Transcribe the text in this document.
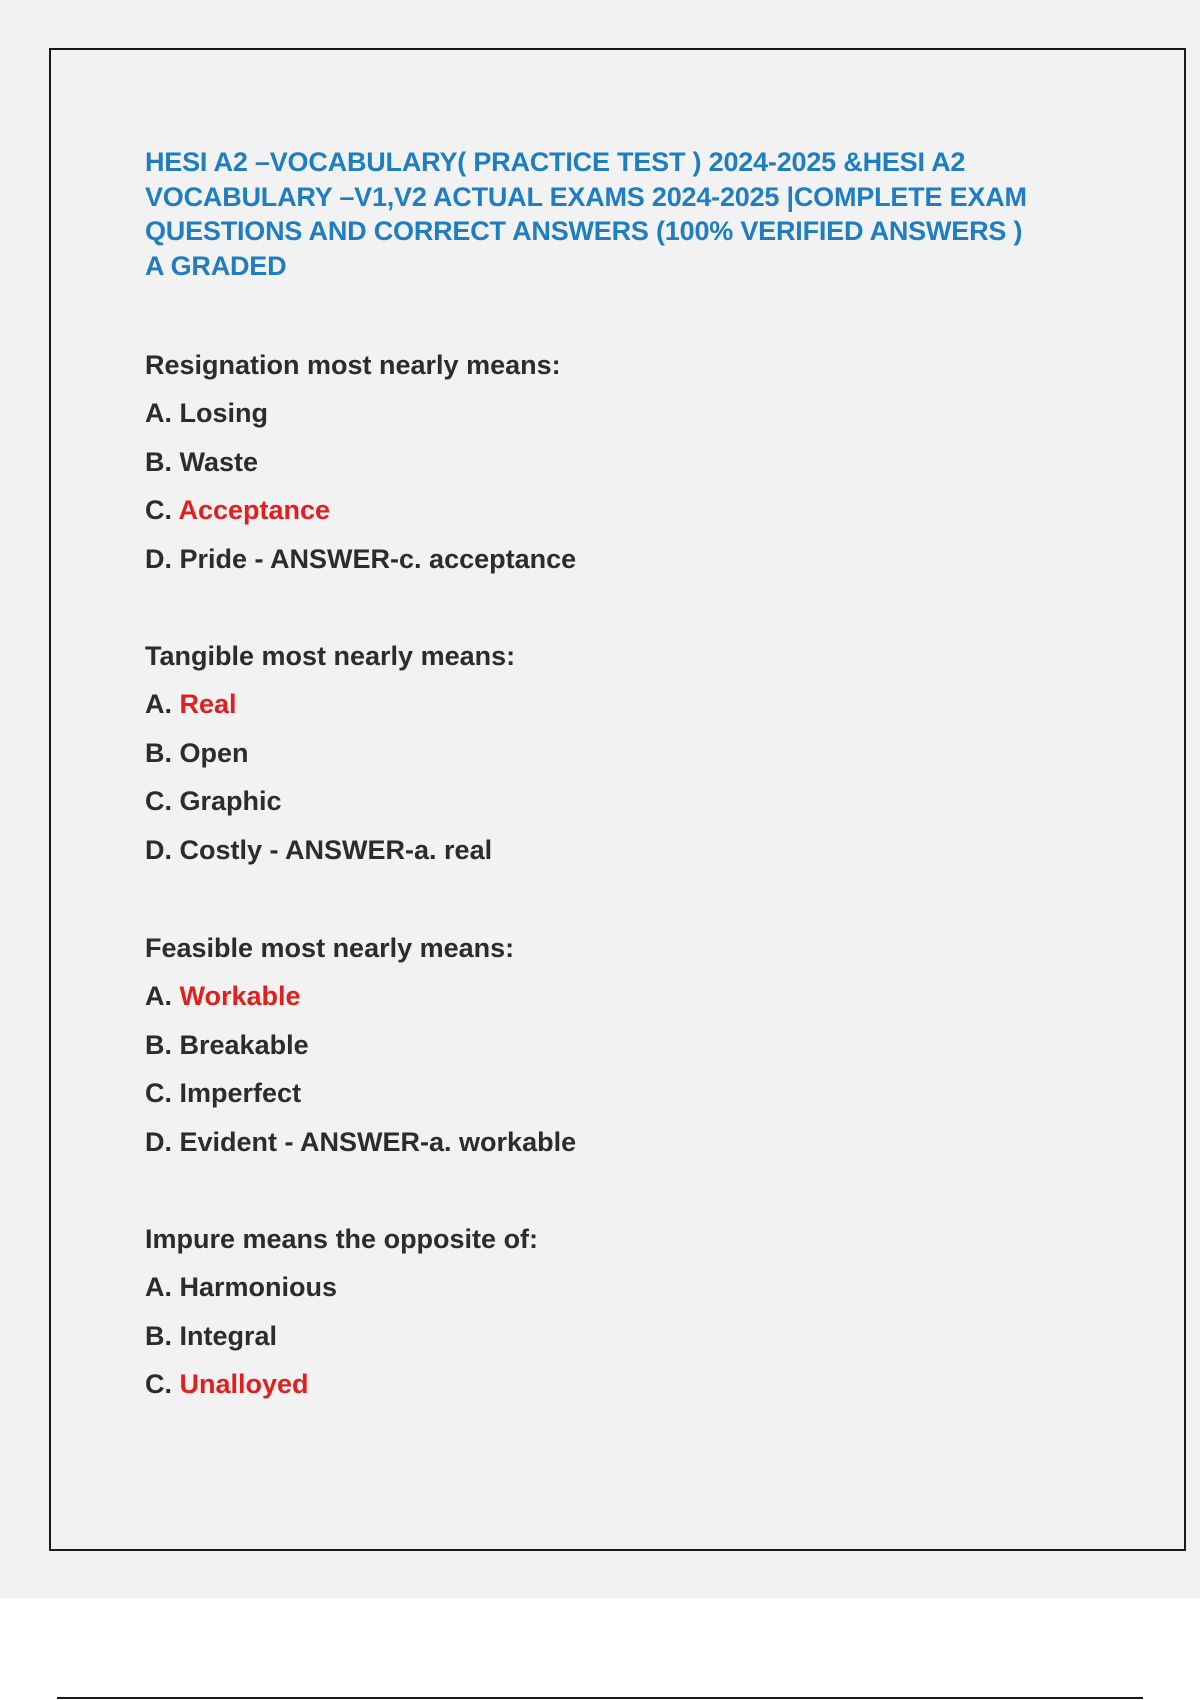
HESI A2 –VOCABULARY( PRACTICE TEST ) 2024-2025 &HESI A2
VOCABULARY –V1,V2 ACTUAL EXAMS 2024-2025 |COMPLETE EXAM
QUESTIONS AND CORRECT ANSWERS (100% VERIFIED ANSWERS )
A GRADED
Resignation most nearly means:
A. Losing
B. Waste
C. Acceptance
D. Pride - ANSWER-c. acceptance
Tangible most nearly means:
A. Real
B. Open
C. Graphic
D. Costly - ANSWER-a. real
Feasible most nearly means:
A. Workable
B. Breakable
C. Imperfect
D. Evident - ANSWER-a. workable
Impure means the opposite of:
A. Harmonious
B. Integral
C. Unalloyed
